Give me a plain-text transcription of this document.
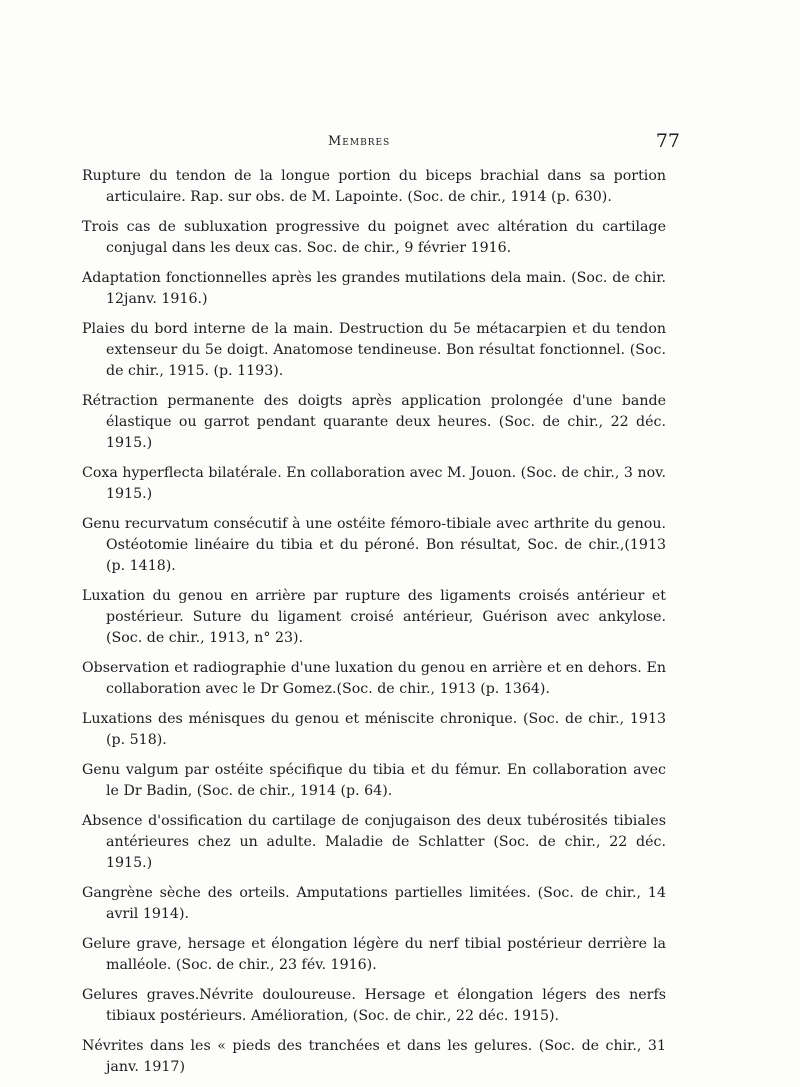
Membres	77

Rupture du tendon de la longue portion du biceps brachial dans sa portion articulaire. Rap. sur obs. de M. Lapointe. (Soc. de chir., 1914 (p. 630).

Trois cas de subluxation progressive du poignet avec altération du cartilage conjugal dans les deux cas. Soc. de chir., 9 février 1916.

Adaptation fonctionnelles après les grandes mutilations dela main. (Soc. de chir. 12janv. 1916.)

Plaies du bord interne de la main. Destruction du 5e métacarpien et du tendon extenseur du 5e doigt. Anatomose tendineuse. Bon résultat fonctionnel. (Soc. de chir., 1915. (p. 1193).

Rétraction permanente des doigts après application prolongée d'une bande élastique ou garrot pendant quarante deux heures. (Soc. de chir., 22 déc. 1915.)

Coxa hyperflecta bilatérale. En collaboration avec M. Jouon. (Soc. de chir., 3 nov. 1915.)

Genu recurvatum consécutif à une ostéite fémoro-tibiale avec arthrite du genou. Ostéotomie linéaire du tibia et du péroné. Bon résultat, Soc. de chir.,(1913 (p. 1418).

Luxation du genou en arrière par rupture des ligaments croisés antérieur et postérieur. Suture du ligament croisé antérieur, Guérison avec ankylose. (Soc. de chir., 1913, n° 23).

Observation et radiographie d'une luxation du genou en arrière et en dehors. En collaboration avec le Dr Gomez.(Soc. de chir., 1913 (p. 1364).

Luxations des ménisques du genou et méniscite chronique. (Soc. de chir., 1913 (p. 518).

Genu valgum par ostéite spécifique du tibia et du fémur. En collaboration avec le Dr Badin, (Soc. de chir., 1914 (p. 64).

Absence d'ossification du cartilage de conjugaison des deux tubérosités tibiales antérieures chez un adulte. Maladie de Schlatter (Soc. de chir., 22 déc. 1915.)

Gangrène sèche des orteils. Amputations partielles limitées. (Soc. de chir., 14 avril 1914).

Gelure grave, hersage et élongation légère du nerf tibial postérieur derrière la malléole. (Soc. de chir., 23 fév. 1916).

Gelures graves.Névrite douloureuse. Hersage et élongation légers des nerfs tibiaux postérieurs. Amélioration, (Soc. de chir., 22 déc. 1915).

Névrites dans les « pieds des tranchées et dans les gelures. (Soc. de chir., 31 janv. 1917)
